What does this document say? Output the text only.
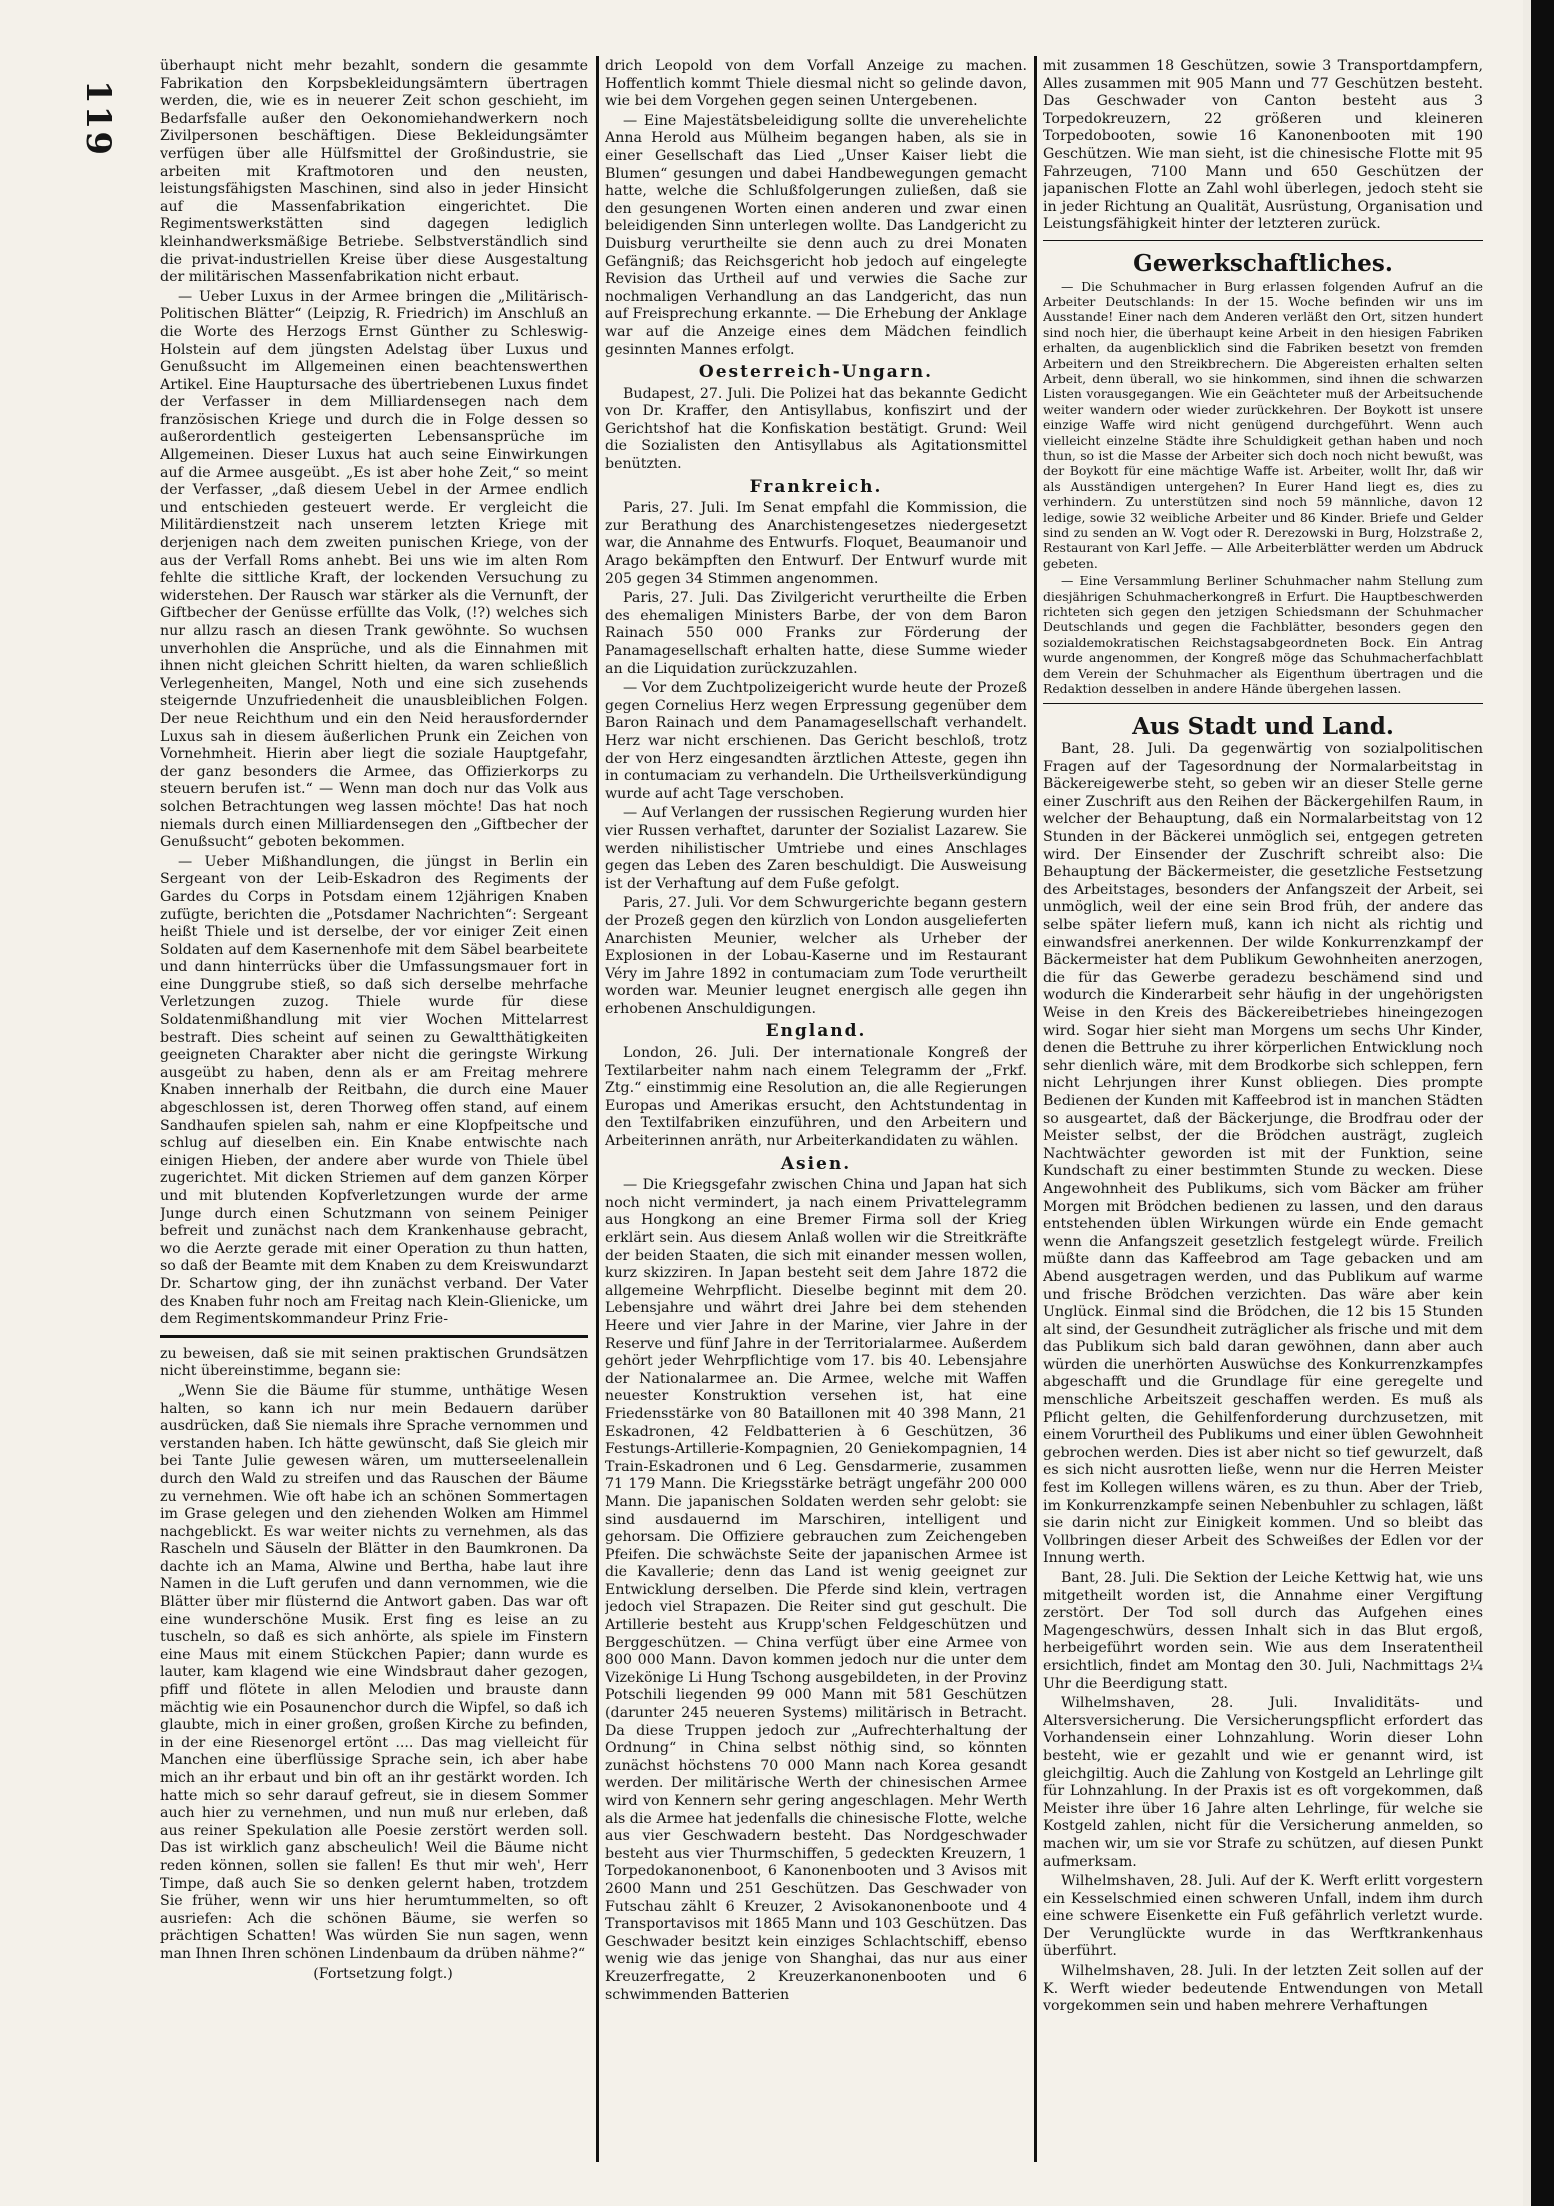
119

überhaupt nicht mehr bezahlt, sondern die gesammte Fabrikation den Korpsbekleidungsämtern übertragen werden, die, wie es in neuerer Zeit schon geschieht, im Bedarfsfalle außer den Oekonomiehandwerkern noch Zivilpersonen beschäftigen. Diese Bekleidungsämter verfügen über alle Hülfsmittel der Großindustrie, sie arbeiten mit Kraftmotoren und den neusten, leistungsfähigsten Maschinen, sind also in jeder Hinsicht auf die Massenfabrikation eingerichtet. Die Regimentswerkstätten sind dagegen lediglich kleinhandwerksmäßige Betriebe. Selbstverständlich sind die privat-industriellen Kreise über diese Ausgestaltung der militärischen Massenfabrikation nicht erbaut.

— Ueber Luxus in der Armee bringen die „Militärisch-Politischen Blätter“ (Leipzig, R. Friedrich) im Anschluß an die Worte des Herzogs Ernst Günther zu Schleswig-Holstein auf dem jüngsten Adelstag über Luxus und Genußsucht im Allgemeinen einen beachtenswerthen Artikel. Eine Hauptursache des übertriebenen Luxus findet der Verfasser in dem Milliardensegen nach dem französischen Kriege und durch die in Folge dessen so außerordentlich gesteigerten Lebensansprüche im Allgemeinen. Dieser Luxus hat auch seine Einwirkungen auf die Armee ausgeübt. „Es ist aber hohe Zeit,“ so meint der Verfasser, „daß diesem Uebel in der Armee endlich und entschieden gesteuert werde. Er vergleicht die Militärdienstzeit nach unserem letzten Kriege mit derjenigen nach dem zweiten punischen Kriege, von der aus der Verfall Roms anhebt. Bei uns wie im alten Rom fehlte die sittliche Kraft, der lockenden Versuchung zu widerstehen. Der Rausch war stärker als die Vernunft, der Giftbecher der Genüsse erfüllte das Volk, (!?) welches sich nur allzu rasch an diesen Trank gewöhnte. So wuchsen unverhohlen die Ansprüche, und als die Einnahmen mit ihnen nicht gleichen Schritt hielten, da waren schließlich Verlegenheiten, Mangel, Noth und eine sich zusehends steigernde Unzufriedenheit die unausbleiblichen Folgen. Der neue Reichthum und ein den Neid herausfordernder Luxus sah in diesem äußerlichen Prunk ein Zeichen von Vornehmheit. Hierin aber liegt die soziale Hauptgefahr, der ganz besonders die Armee, das Offizierkorps zu steuern berufen ist.“ — Wenn man doch nur das Volk aus solchen Betrachtungen weg lassen möchte! Das hat noch niemals durch einen Milliardensegen den „Giftbecher der Genußsucht“ geboten bekommen.

— Ueber Mißhandlungen, die jüngst in Berlin ein Sergeant von der Leib-Eskadron des Regiments der Gardes du Corps in Potsdam einem 12jährigen Knaben zufügte, berichten die „Potsdamer Nachrichten“: Sergeant heißt Thiele und ist derselbe, der vor einiger Zeit einen Soldaten auf dem Kasernenhofe mit dem Säbel bearbeitete und dann hinterrücks über die Umfassungsmauer fort in eine Dunggrube stieß, so daß sich derselbe mehrfache Verletzungen zuzog. Thiele wurde für diese Soldatenmißhandlung mit vier Wochen Mittelarrest bestraft. Dies scheint auf seinen zu Gewaltthätigkeiten geeigneten Charakter aber nicht die geringste Wirkung ausgeübt zu haben, denn als er am Freitag mehrere Knaben innerhalb der Reitbahn, die durch eine Mauer abgeschlossen ist, deren Thorweg offen stand, auf einem Sandhaufen spielen sah, nahm er eine Klopfpeitsche und schlug auf dieselben ein. Ein Knabe entwischte nach einigen Hieben, der andere aber wurde von Thiele übel zugerichtet. Mit dicken Striemen auf dem ganzen Körper und mit blutenden Kopfverletzungen wurde der arme Junge durch einen Schutzmann von seinem Peiniger befreit und zunächst nach dem Krankenhause gebracht, wo die Aerzte gerade mit einer Operation zu thun hatten, so daß der Beamte mit dem Knaben zu dem Kreiswundarzt Dr. Schartow ging, der ihn zunächst verband. Der Vater des Knaben fuhr noch am Freitag nach Klein-Glienicke, um dem Regimentskommandeur Prinz Frie-

zu beweisen, daß sie mit seinen praktischen Grundsätzen nicht übereinstimme, begann sie:

„Wenn Sie die Bäume für stumme, unthätige Wesen halten, so kann ich nur mein Bedauern darüber ausdrücken, daß Sie niemals ihre Sprache vernommen und verstanden haben. Ich hätte gewünscht, daß Sie gleich mir bei Tante Julie gewesen wären, um mutterseelenallein durch den Wald zu streifen und das Rauschen der Bäume zu vernehmen. Wie oft habe ich an schönen Sommertagen im Grase gelegen und den ziehenden Wolken am Himmel nachgeblickt. Es war weiter nichts zu vernehmen, als das Rascheln und Säuseln der Blätter in den Baumkronen. Da dachte ich an Mama, Alwine und Bertha, habe laut ihre Namen in die Luft gerufen und dann vernommen, wie die Blätter über mir flüsternd die Antwort gaben. Das war oft eine wunderschöne Musik. Erst fing es leise an zu tuscheln, so daß es sich anhörte, als spiele im Finstern eine Maus mit einem Stückchen Papier; dann wurde es lauter, kam klagend wie eine Windsbraut daher gezogen, pfiff und flötete in allen Melodien und brauste dann mächtig wie ein Posaunenchor durch die Wipfel, so daß ich glaubte, mich in einer großen, großen Kirche zu befinden, in der eine Riesenorgel ertönt .... Das mag vielleicht für Manchen eine überflüssige Sprache sein, ich aber habe mich an ihr erbaut und bin oft an ihr gestärkt worden. Ich hatte mich so sehr darauf gefreut, sie in diesem Sommer auch hier zu vernehmen, und nun muß nur erleben, daß aus reiner Spekulation alle Poesie zerstört werden soll. Das ist wirklich ganz abscheulich! Weil die Bäume nicht reden können, sollen sie fallen! Es thut mir weh', Herr Timpe, daß auch Sie so denken gelernt haben, trotzdem Sie früher, wenn wir uns hier herumtummelten, so oft ausriefen: Ach die schönen Bäume, sie werfen so prächtigen Schatten! Was würden Sie nun sagen, wenn man Ihnen Ihren schönen Lindenbaum da drüben nähme?“

(Fortsetzung folgt.)

drich Leopold von dem Vorfall Anzeige zu machen. Hoffentlich kommt Thiele diesmal nicht so gelinde davon, wie bei dem Vorgehen gegen seinen Untergebenen.

— Eine Majestätsbeleidigung sollte die unverehelichte Anna Herold aus Mülheim begangen haben, als sie in einer Gesellschaft das Lied „Unser Kaiser liebt die Blumen“ gesungen und dabei Handbewegungen gemacht hatte, welche die Schlußfolgerungen zuließen, daß sie den gesungenen Worten einen anderen und zwar einen beleidigenden Sinn unterlegen wollte. Das Landgericht zu Duisburg verurtheilte sie denn auch zu drei Monaten Gefängniß; das Reichsgericht hob jedoch auf eingelegte Revision das Urtheil auf und verwies die Sache zur nochmaligen Verhandlung an das Landgericht, das nun auf Freisprechung erkannte. — Die Erhebung der Anklage war auf die Anzeige eines dem Mädchen feindlich gesinnten Mannes erfolgt.

Oesterreich-Ungarn.

Budapest, 27. Juli. Die Polizei hat das bekannte Gedicht von Dr. Kraffer, den Antisyllabus, konfiszirt und der Gerichtshof hat die Konfiskation bestätigt. Grund: Weil die Sozialisten den Antisyllabus als Agitationsmittel benützten.

Frankreich.

Paris, 27. Juli. Im Senat empfahl die Kommission, die zur Berathung des Anarchistengesetzes niedergesetzt war, die Annahme des Entwurfs. Floquet, Beaumanoir und Arago bekämpften den Entwurf. Der Entwurf wurde mit 205 gegen 34 Stimmen angenommen.

Paris, 27. Juli. Das Zivilgericht verurtheilte die Erben des ehemaligen Ministers Barbe, der von dem Baron Rainach 550 000 Franks zur Förderung der Panamagesellschaft erhalten hatte, diese Summe wieder an die Liquidation zurückzuzahlen.

— Vor dem Zuchtpolizeigericht wurde heute der Prozeß gegen Cornelius Herz wegen Erpressung gegenüber dem Baron Rainach und dem Panamagesellschaft verhandelt. Herz war nicht erschienen. Das Gericht beschloß, trotz der von Herz eingesandten ärztlichen Atteste, gegen ihn in contumaciam zu verhandeln. Die Urtheilsverkündigung wurde auf acht Tage verschoben.

— Auf Verlangen der russischen Regierung wurden hier vier Russen verhaftet, darunter der Sozialist Lazarew. Sie werden nihilistischer Umtriebe und eines Anschlages gegen das Leben des Zaren beschuldigt. Die Ausweisung ist der Verhaftung auf dem Fuße gefolgt.

Paris, 27. Juli. Vor dem Schwurgerichte begann gestern der Prozeß gegen den kürzlich von London ausgelieferten Anarchisten Meunier, welcher als Urheber der Explosionen in der Lobau-Kaserne und im Restaurant Véry im Jahre 1892 in contumaciam zum Tode verurtheilt worden war. Meunier leugnet energisch alle gegen ihn erhobenen Anschuldigungen.

England.

London, 26. Juli. Der internationale Kongreß der Textilarbeiter nahm nach einem Telegramm der „Frkf. Ztg.“ einstimmig eine Resolution an, die alle Regierungen Europas und Amerikas ersucht, den Achtstundentag in den Textilfabriken einzuführen, und den Arbeitern und Arbeiterinnen anräth, nur Arbeiterkandidaten zu wählen.

Asien.

— Die Kriegsgefahr zwischen China und Japan hat sich noch nicht vermindert, ja nach einem Privattelegramm aus Hongkong an eine Bremer Firma soll der Krieg erklärt sein. Aus diesem Anlaß wollen wir die Streitkräfte der beiden Staaten, die sich mit einander messen wollen, kurz skizziren. In Japan besteht seit dem Jahre 1872 die allgemeine Wehrpflicht. Dieselbe beginnt mit dem 20. Lebensjahre und währt drei Jahre bei dem stehenden Heere und vier Jahre in der Marine, vier Jahre in der Reserve und fünf Jahre in der Territorialarmee. Außerdem gehört jeder Wehrpflichtige vom 17. bis 40. Lebensjahre der Nationalarmee an. Die Armee, welche mit Waffen neuester Konstruktion versehen ist, hat eine Friedensstärke von 80 Bataillonen mit 40 398 Mann, 21 Eskadronen, 42 Feldbatterien à 6 Geschützen, 36 Festungs-Artillerie-Kompagnien, 20 Geniekompagnien, 14 Train-Eskadronen und 6 Leg. Gensdarmerie, zusammen 71 179 Mann. Die Kriegsstärke beträgt ungefähr 200 000 Mann. Die japanischen Soldaten werden sehr gelobt: sie sind ausdauernd im Marschiren, intelligent und gehorsam. Die Offiziere gebrauchen zum Zeichengeben Pfeifen. Die schwächste Seite der japanischen Armee ist die Kavallerie; denn das Land ist wenig geeignet zur Entwicklung derselben. Die Pferde sind klein, vertragen jedoch viel Strapazen. Die Reiter sind gut geschult. Die Artillerie besteht aus Krupp'schen Feldgeschützen und Berggeschützen. — China verfügt über eine Armee von 800 000 Mann. Davon kommen jedoch nur die unter dem Vizekönige Li Hung Tschong ausgebildeten, in der Provinz Potschili liegenden 99 000 Mann mit 581 Geschützen (darunter 245 neueren Systems) militärisch in Betracht. Da diese Truppen jedoch zur „Aufrechterhaltung der Ordnung“ in China selbst nöthig sind, so könnten zunächst höchstens 70 000 Mann nach Korea gesandt werden. Der militärische Werth der chinesischen Armee wird von Kennern sehr gering angeschlagen. Mehr Werth als die Armee hat jedenfalls die chinesische Flotte, welche aus vier Geschwadern besteht. Das Nordgeschwader besteht aus vier Thurmschiffen, 5 gedeckten Kreuzern, 1 Torpedokanonenboot, 6 Kanonenbooten und 3 Avisos mit 2600 Mann und 251 Geschützen. Das Geschwader von Futschau zählt 6 Kreuzer, 2 Avisokanonenboote und 4 Transportavisos mit 1865 Mann und 103 Geschützen. Das Geschwader besitzt kein einziges Schlachtschiff, ebenso wenig wie das jenige von Shanghai, das nur aus einer Kreuzerfregatte, 2 Kreuzerkanonenbooten und 6 schwimmenden Batterien

mit zusammen 18 Geschützen, sowie 3 Transportdampfern, Alles zusammen mit 905 Mann und 77 Geschützen besteht. Das Geschwader von Canton besteht aus 3 Torpedokreuzern, 22 größeren und kleineren Torpedobooten, sowie 16 Kanonenbooten mit 190 Geschützen. Wie man sieht, ist die chinesische Flotte mit 95 Fahrzeugen, 7100 Mann und 650 Geschützen der japanischen Flotte an Zahl wohl überlegen, jedoch steht sie in jeder Richtung an Qualität, Ausrüstung, Organisation und Leistungsfähigkeit hinter der letzteren zurück.

Gewerkschaftliches.

— Die Schuhmacher in Burg erlassen folgenden Aufruf an die Arbeiter Deutschlands: In der 15. Woche befinden wir uns im Ausstande! Einer nach dem Anderen verläßt den Ort, sitzen hundert sind noch hier, die überhaupt keine Arbeit in den hiesigen Fabriken erhalten, da augenblicklich sind die Fabriken besetzt von fremden Arbeitern und den Streikbrechern. Die Abgereisten erhalten selten Arbeit, denn überall, wo sie hinkommen, sind ihnen die schwarzen Listen vorausgegangen. Wie ein Geächteter muß der Arbeitsuchende weiter wandern oder wieder zurückkehren. Der Boykott ist unsere einzige Waffe wird nicht genügend durchgeführt. Wenn auch vielleicht einzelne Städte ihre Schuldigkeit gethan haben und noch thun, so ist die Masse der Arbeiter sich doch noch nicht bewußt, was der Boykott für eine mächtige Waffe ist. Arbeiter, wollt Ihr, daß wir als Ausständigen untergehen? In Eurer Hand liegt es, dies zu verhindern. Zu unterstützen sind noch 59 männliche, davon 12 ledige, sowie 32 weibliche Arbeiter und 86 Kinder. Briefe und Gelder sind zu senden an W. Vogt oder R. Derezowski in Burg, Holzstraße 2, Restaurant von Karl Jeffe. — Alle Arbeiterblätter werden um Abdruck gebeten.

— Eine Versammlung Berliner Schuhmacher nahm Stellung zum diesjährigen Schuhmacherkongreß in Erfurt. Die Hauptbeschwerden richteten sich gegen den jetzigen Schiedsmann der Schuhmacher Deutschlands und gegen die Fachblätter, besonders gegen den sozialdemokratischen Reichstagsabgeordneten Bock. Ein Antrag wurde angenommen, der Kongreß möge das Schuhmacherfachblatt dem Verein der Schuhmacher als Eigenthum übertragen und die Redaktion desselben in andere Hände übergehen lassen.

Aus Stadt und Land.

Bant, 28. Juli. Da gegenwärtig von sozialpolitischen Fragen auf der Tagesordnung der Normalarbeitstag in Bäckereigewerbe steht, so geben wir an dieser Stelle gerne einer Zuschrift aus den Reihen der Bäckergehilfen Raum, in welcher der Behauptung, daß ein Normalarbeitstag von 12 Stunden in der Bäckerei unmöglich sei, entgegen getreten wird. Der Einsender der Zuschrift schreibt also: Die Behauptung der Bäckermeister, die gesetzliche Festsetzung des Arbeitstages, besonders der Anfangszeit der Arbeit, sei unmöglich, weil der eine sein Brod früh, der andere das selbe später liefern muß, kann ich nicht als richtig und einwandsfrei anerkennen. Der wilde Konkurrenzkampf der Bäckermeister hat dem Publikum Gewohnheiten anerzogen, die für das Gewerbe geradezu beschämend sind und wodurch die Kinderarbeit sehr häufig in der ungehörigsten Weise in den Kreis des Bäckereibetriebes hineingezogen wird. Sogar hier sieht man Morgens um sechs Uhr Kinder, denen die Bettruhe zu ihrer körperlichen Entwicklung noch sehr dienlich wäre, mit dem Brodkorbe sich schleppen, fern nicht Lehrjungen ihrer Kunst obliegen. Dies prompte Bedienen der Kunden mit Kaffeebrod ist in manchen Städten so ausgeartet, daß der Bäckerjunge, die Brodfrau oder der Meister selbst, der die Brödchen austrägt, zugleich Nachtwächter geworden ist mit der Funktion, seine Kundschaft zu einer bestimmten Stunde zu wecken. Diese Angewohnheit des Publikums, sich vom Bäcker am früher Morgen mit Brödchen bedienen zu lassen, und den daraus entstehenden üblen Wirkungen würde ein Ende gemacht wenn die Anfangszeit gesetzlich festgelegt würde. Freilich müßte dann das Kaffeebrod am Tage gebacken und am Abend ausgetragen werden, und das Publikum auf warme und frische Brödchen verzichten. Das wäre aber kein Unglück. Einmal sind die Brödchen, die 12 bis 15 Stunden alt sind, der Gesundheit zuträglicher als frische und mit dem das Publikum sich bald daran gewöhnen, dann aber auch würden die unerhörten Auswüchse des Konkurrenzkampfes abgeschafft und die Grundlage für eine geregelte und menschliche Arbeitszeit geschaffen werden. Es muß als Pflicht gelten, die Gehilfenforderung durchzusetzen, mit einem Vorurtheil des Publikums und einer üblen Gewohnheit gebrochen werden. Dies ist aber nicht so tief gewurzelt, daß es sich nicht ausrotten ließe, wenn nur die Herren Meister fest im Kollegen willens wären, es zu thun. Aber der Trieb, im Konkurrenzkampfe seinen Nebenbuhler zu schlagen, läßt sie darin nicht zur Einigkeit kommen. Und so bleibt das Vollbringen dieser Arbeit des Schweißes der Edlen vor der Innung werth.

Bant, 28. Juli. Die Sektion der Leiche Kettwig hat, wie uns mitgetheilt worden ist, die Annahme einer Vergiftung zerstört. Der Tod soll durch das Aufgehen eines Magengeschwürs, dessen Inhalt sich in das Blut ergoß, herbeigeführt worden sein. Wie aus dem Inseratentheil ersichtlich, findet am Montag den 30. Juli, Nachmittags 2¼ Uhr die Beerdigung statt.

Wilhelmshaven, 28. Juli. Invaliditäts- und Altersversicherung. Die Versicherungspflicht erfordert das Vorhandensein einer Lohnzahlung. Worin dieser Lohn besteht, wie er gezahlt und wie er genannt wird, ist gleichgiltig. Auch die Zahlung von Kostgeld an Lehrlinge gilt für Lohnzahlung. In der Praxis ist es oft vorgekommen, daß Meister ihre über 16 Jahre alten Lehrlinge, für welche sie Kostgeld zahlen, nicht für die Versicherung anmelden, so machen wir, um sie vor Strafe zu schützen, auf diesen Punkt aufmerksam.

Wilhelmshaven, 28. Juli. Auf der K. Werft erlitt vorgestern ein Kesselschmied einen schweren Unfall, indem ihm durch eine schwere Eisenkette ein Fuß gefährlich verletzt wurde. Der Verunglückte wurde in das Werftkrankenhaus überführt.

Wilhelmshaven, 28. Juli. In der letzten Zeit sollen auf der K. Werft wieder bedeutende Entwendungen von Metall vorgekommen sein und haben mehrere Verhaftungen
